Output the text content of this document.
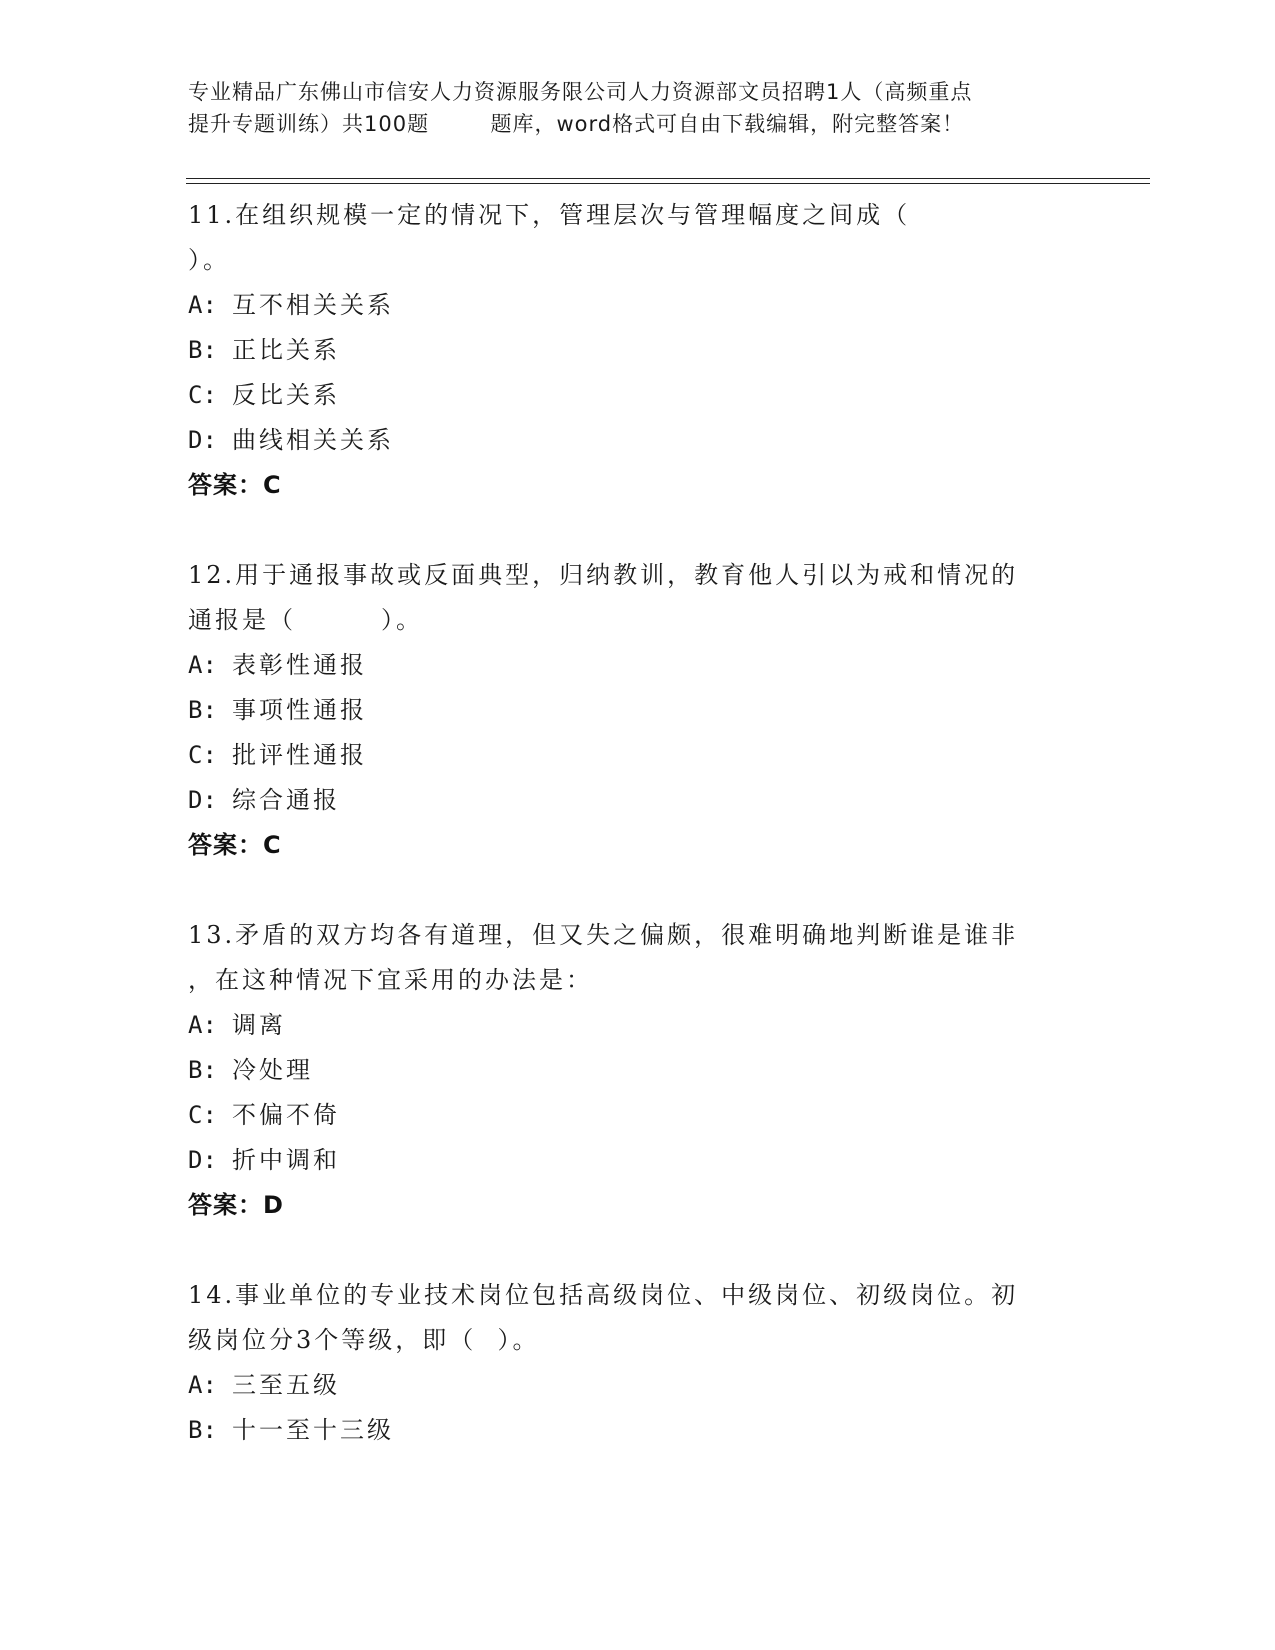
专业精品广东佛山市信安人力资源服务限公司人力资源部文员招聘1人（高频重点
提升专题训练）共100题        题库，word格式可自由下载编辑，附完整答案！
11.在组织规模一定的情况下，管理层次与管理幅度之间成（
）。
A: 互不相关关系
B: 正比关系
C: 反比关系
D: 曲线相关关系
答案：C
12.用于通报事故或反面典型，归纳教训，教育他人引以为戒和情况的
通报是（        ）。
A: 表彰性通报
B: 事项性通报
C: 批评性通报
D: 综合通报
答案：C
13.矛盾的双方均各有道理，但又失之偏颇，很难明确地判断谁是谁非
，在这种情况下宜采用的办法是：
A: 调离
B: 冷处理
C: 不偏不倚
D: 折中调和
答案：D
14.事业单位的专业技术岗位包括高级岗位、中级岗位、初级岗位。初
级岗位分3个等级，即（  ）。
A: 三至五级
B: 十一至十三级
